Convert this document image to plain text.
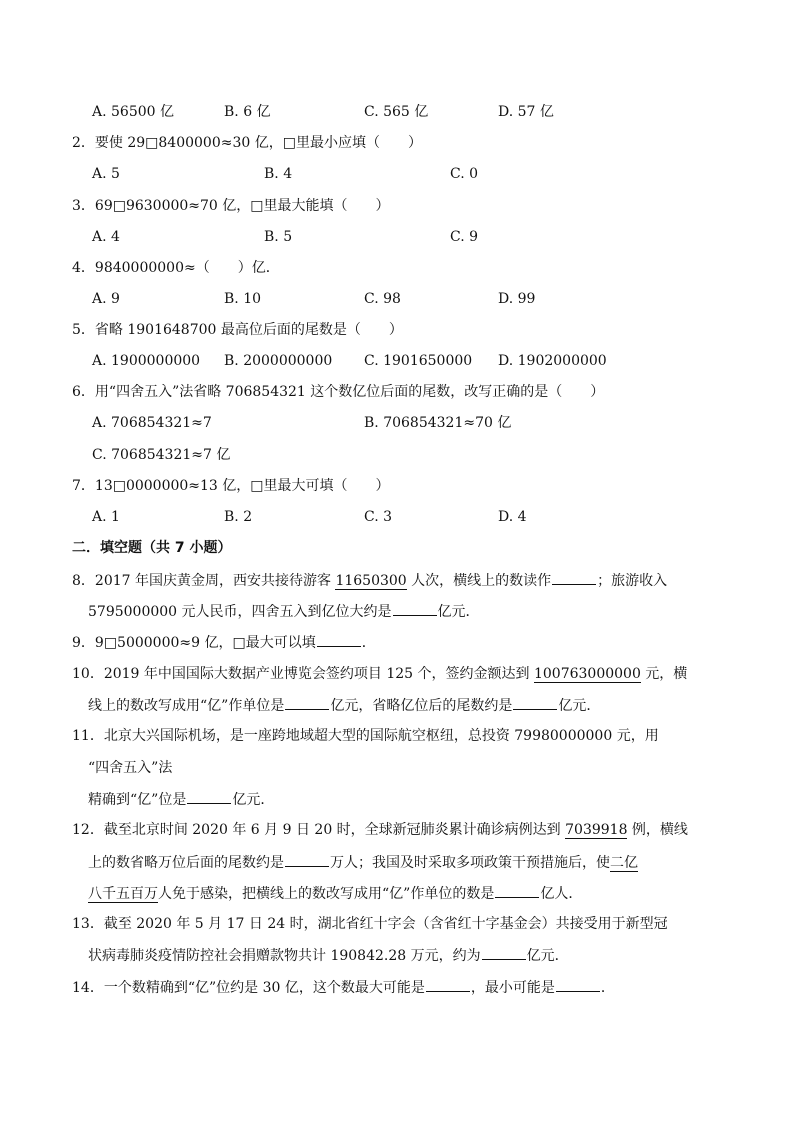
A. 56500 亿	B. 6 亿	C. 565 亿	D. 57 亿
2．要使 29□8400000≈30 亿，□里最小应填（　　）
A. 5	B. 4	C. 0
3．69□9630000≈70 亿，□里最大能填（　　）
A. 4	B. 5	C. 9
4．9840000000≈（　　）亿．
A. 9	B. 10	C. 98	D. 99
5．省略 1901648700 最高位后面的尾数是（　　）
A. 1900000000 B. 2000000000 C. 1901650000 D. 1902000000
6．用“四舍五入”法省略 706854321 这个数亿位后面的尾数，改写正确的是（　　）
A. 706854321≈7	B. 706854321≈70 亿
C. 706854321≈7 亿
7．13□0000000≈13 亿，□里最大可填（　　）
A. 1	B. 2	C. 3	D. 4
二．填空题（共 7 小题）
8．2017 年国庆黄金周，西安共接待游客 11650300 人次，横线上的数读作	；旅游收入
5795000000 元人民币，四舍五入到亿位大约是	亿元．
9．9□5000000≈9 亿，□最大可以填	．
10．2019 年中国国际大数据产业博览会签约项目 125 个，签约金额达到 100763000000 元，横
线上的数改写成用“亿”作单位是	亿元，省略亿位后的尾数约是	亿元．
11．北京大兴国际机场，是一座跨地域超大型的国际航空枢纽，总投资 79980000000 元，用
“四舍五入”法
精确到“亿”位是	亿元．
12．截至北京时间 2020 年 6 月 9 日 20 时，全球新冠肺炎累计确诊病例达到 7039918 例，横线
上的数省略万位后面的尾数约是	万人；我国及时采取多项政策干预措施后，使二亿
八千五百万人免于感染，把横线上的数改写成用“亿”作单位的数是	亿人．
13．截至 2020 年 5 月 17 日 24 时，湖北省红十字会（含省红十字基金会）共接受用于新型冠
状病毒肺炎疫情防控社会捐赠款物共计 190842.28 万元，约为	亿元．
14．一个数精确到“亿”位约是 30 亿，这个数最大可能是	，最小可能是	．
